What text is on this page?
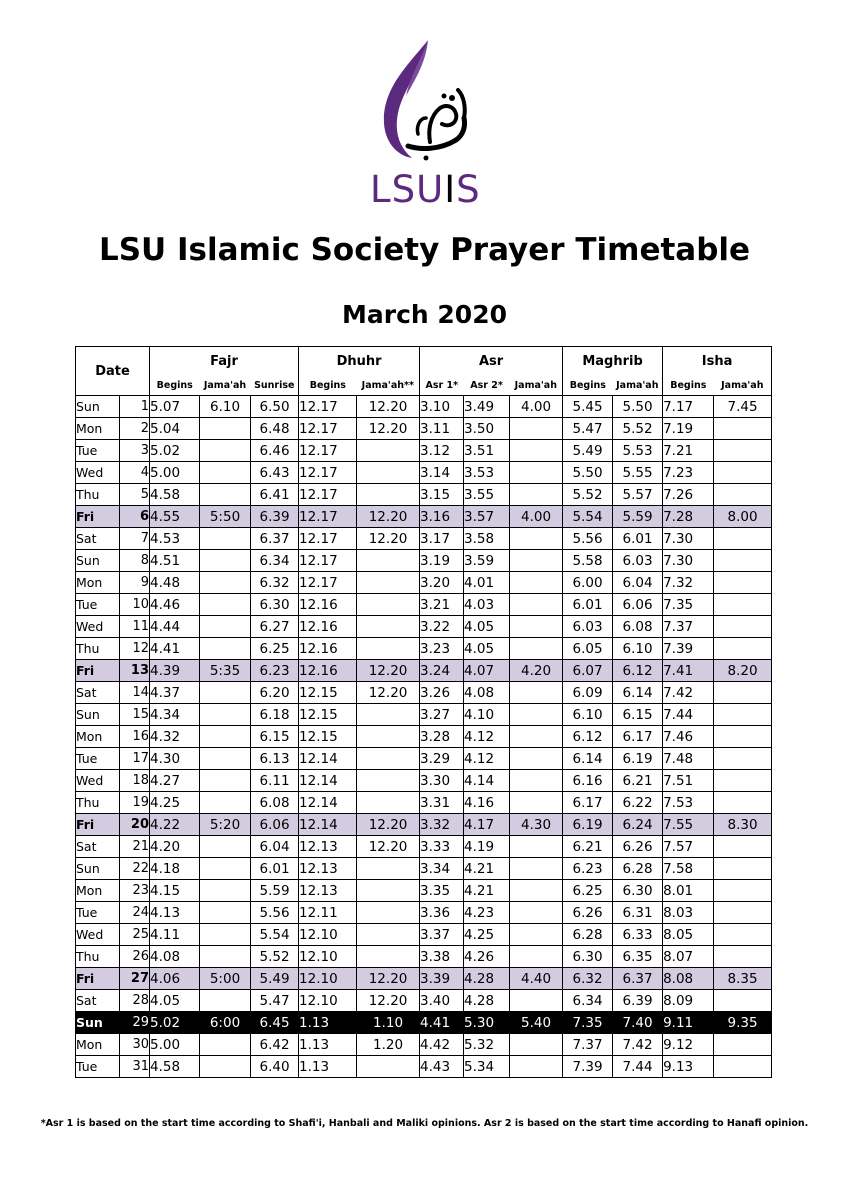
LSUIS
LSU Islamic Society Prayer Timetable
March 2020
Date		Fajr			Dhuhr		Asr			Maghrib		Isha	
		Begins	Jama'ah	Sunrise	Begins	Jama'ah**	Asr 1*	Asr 2*	Jama'ah	Begins	Jama'ah	Begins	Jama'ah
Sun	1	5.07	6.10	6.50	12.17	12.20	3.10	3.49	4.00	5.45	5.50	7.17	7.45
Mon	2	5.04		6.48	12.17	12.20	3.11	3.50		5.47	5.52	7.19	
Tue	3	5.02		6.46	12.17		3.12	3.51		5.49	5.53	7.21	
Wed	4	5.00		6.43	12.17		3.14	3.53		5.50	5.55	7.23	
Thu	5	4.58		6.41	12.17		3.15	3.55		5.52	5.57	7.26	
Fri	6	4.55	5:50	6.39	12.17	12.20	3.16	3.57	4.00	5.54	5.59	7.28	8.00
Sat	7	4.53		6.37	12.17	12.20	3.17	3.58		5.56	6.01	7.30	
Sun	8	4.51		6.34	12.17		3.19	3.59		5.58	6.03	7.30	
Mon	9	4.48		6.32	12.17		3.20	4.01		6.00	6.04	7.32	
Tue	10	4.46		6.30	12.16		3.21	4.03		6.01	6.06	7.35	
Wed	11	4.44		6.27	12.16		3.22	4.05		6.03	6.08	7.37	
Thu	12	4.41		6.25	12.16		3.23	4.05		6.05	6.10	7.39	
Fri	13	4.39	5:35	6.23	12.16	12.20	3.24	4.07	4.20	6.07	6.12	7.41	8.20
Sat	14	4.37		6.20	12.15	12.20	3.26	4.08		6.09	6.14	7.42	
Sun	15	4.34		6.18	12.15		3.27	4.10		6.10	6.15	7.44	
Mon	16	4.32		6.15	12.15		3.28	4.12		6.12	6.17	7.46	
Tue	17	4.30		6.13	12.14		3.29	4.12		6.14	6.19	7.48	
Wed	18	4.27		6.11	12.14		3.30	4.14		6.16	6.21	7.51	
Thu	19	4.25		6.08	12.14		3.31	4.16		6.17	6.22	7.53	
Fri	20	4.22	5:20	6.06	12.14	12.20	3.32	4.17	4.30	6.19	6.24	7.55	8.30
Sat	21	4.20		6.04	12.13	12.20	3.33	4.19		6.21	6.26	7.57	
Sun	22	4.18		6.01	12.13		3.34	4.21		6.23	6.28	7.58	
Mon	23	4.15		5.59	12.13		3.35	4.21		6.25	6.30	8.01	
Tue	24	4.13		5.56	12.11		3.36	4.23		6.26	6.31	8.03	
Wed	25	4.11		5.54	12.10		3.37	4.25		6.28	6.33	8.05	
Thu	26	4.08		5.52	12.10		3.38	4.26		6.30	6.35	8.07	
Fri	27	4.06	5:00	5.49	12.10	12.20	3.39	4.28	4.40	6.32	6.37	8.08	8.35
Sat	28	4.05		5.47	12.10	12.20	3.40	4.28		6.34	6.39	8.09	
Sun	29	5.02	6:00	6.45	1.13	1.10	4.41	5.30	5.40	7.35	7.40	9.11	9.35
Mon	30	5.00		6.42	1.13	1.20	4.42	5.32		7.37	7.42	9.12	
Tue	31	4.58		6.40	1.13		4.43	5.34		7.39	7.44	9.13	
*Asr 1 is based on the start time according to Shafi'i, Hanbali and Maliki opinions. Asr 2 is based on the start time according to Hanafi opinion.
